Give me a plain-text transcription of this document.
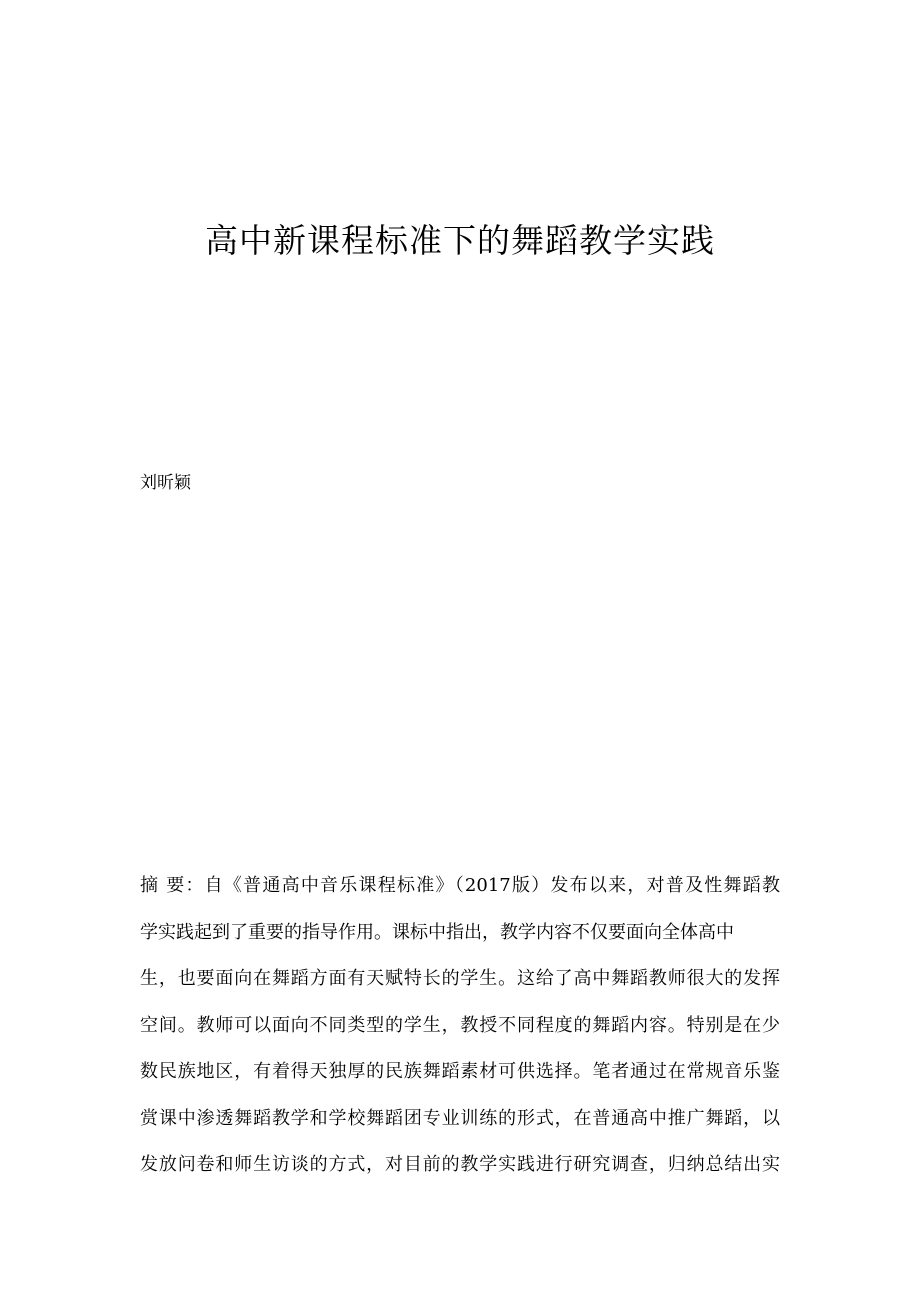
高中新课程标准下的舞蹈教学实践
刘昕颖
摘 要：自《普通高中音乐课程标准》（2017版）发布以来，对普及性舞蹈教
学实践起到了重要的指导作用。课标中指出，教学内容不仅要面向全体高中
生，也要面向在舞蹈方面有天赋特长的学生。这给了高中舞蹈教师很大的发挥
空间。教师可以面向不同类型的学生，教授不同程度的舞蹈内容。特别是在少
数民族地区，有着得天独厚的民族舞蹈素材可供选择。笔者通过在常规音乐鉴
赏课中渗透舞蹈教学和学校舞蹈团专业训练的形式，在普通高中推广舞蹈，以
发放问卷和师生访谈的方式，对目前的教学实践进行研究调查，归纳总结出实
